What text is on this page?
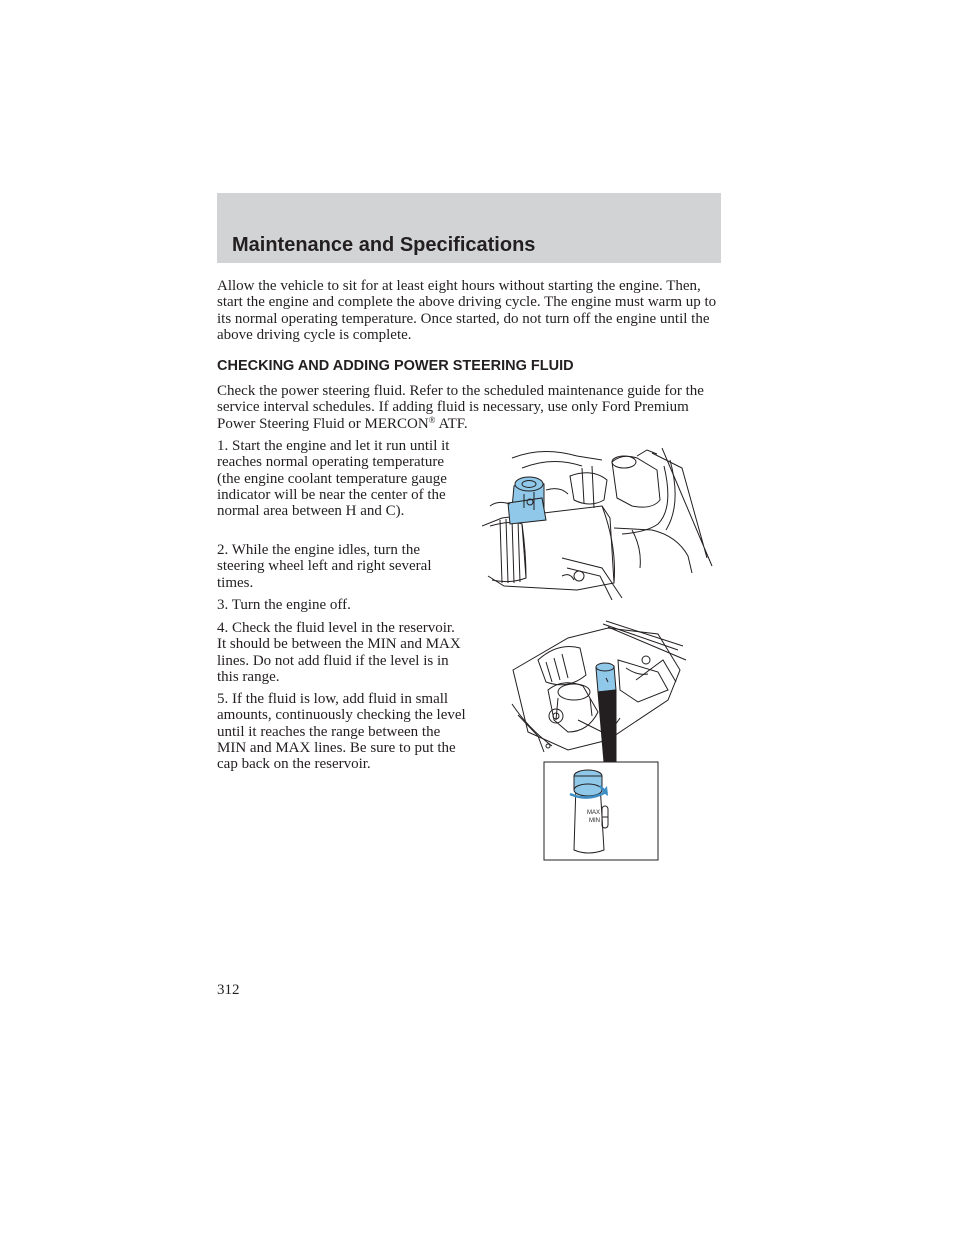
Maintenance and Specifications

Allow the vehicle to sit for at least eight hours without starting the engine. Then, start the engine and complete the above driving cycle. The engine must warm up to its normal operating temperature. Once started, do not turn off the engine until the above driving cycle is complete.

CHECKING AND ADDING POWER STEERING FLUID

Check the power steering fluid. Refer to the scheduled maintenance guide for the service interval schedules. If adding fluid is necessary, use only Ford Premium Power Steering Fluid or MERCON® ATF.

1. Start the engine and let it run until it reaches normal operating temperature (the engine coolant temperature gauge indicator will be near the center of the normal area between H and C).

2. While the engine idles, turn the steering wheel left and right several times.

3. Turn the engine off.

4. Check the fluid level in the reservoir. It should be between the MIN and MAX lines. Do not add fluid if the level is in this range.

5. If the fluid is low, add fluid in small amounts, continuously checking the level until it reaches the range between the MIN and MAX lines. Be sure to put the cap back on the reservoir.

MAX
MIN

312
